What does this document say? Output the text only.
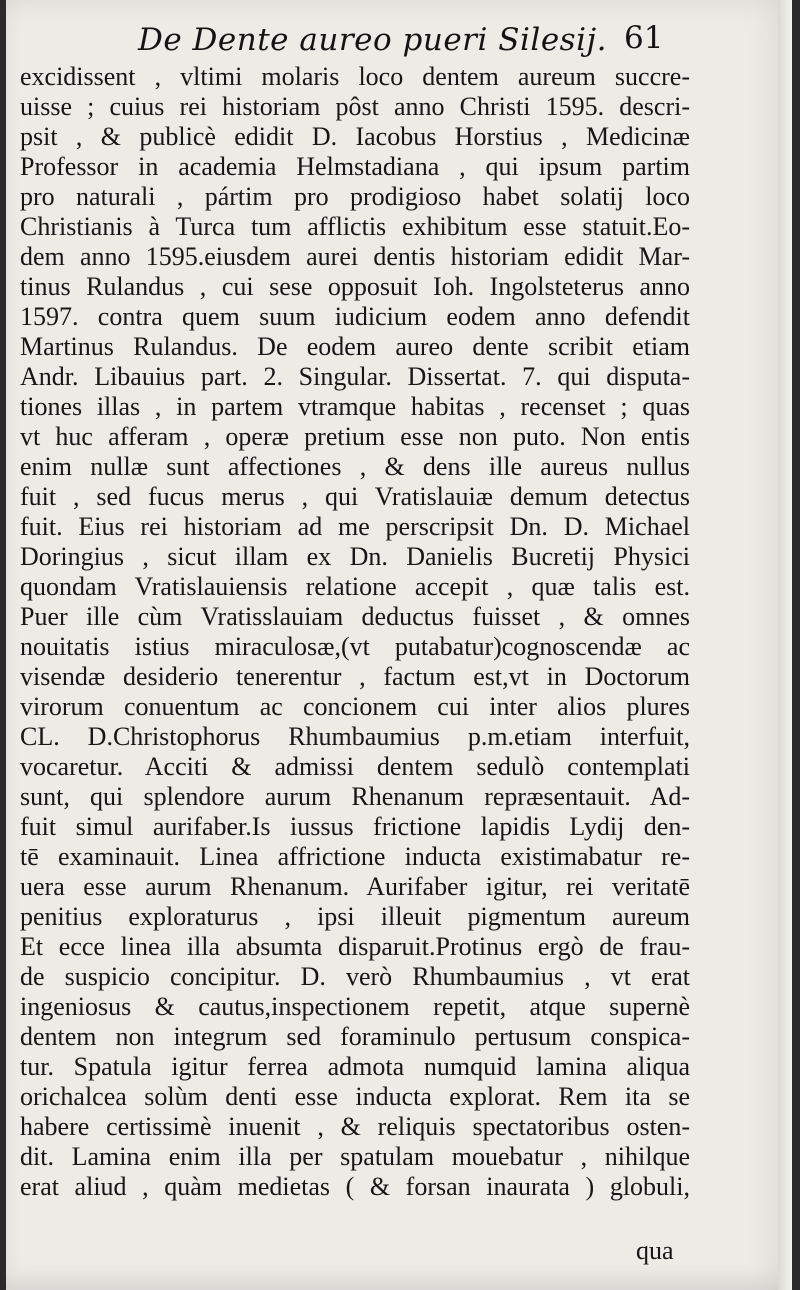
De Dente aureo pueri Silesij. 61
excidissent , vltimi molaris loco dentem aureum succre-
uisse ; cuius rei historiam pôst anno Christi 1595. descri-
psit , & publicè edidit D. Iacobus Horstius , Medicinæ
Professor in academia Helmstadiana , qui ipsum partim
pro naturali , pártim pro prodigioso habet solatij loco
Christianis à Turca tum afflictis exhibitum esse statuit.Eo-
dem anno 1595.eiusdem aurei dentis historiam edidit Mar-
tinus Rulandus , cui sese opposuit Ioh. Ingolsteterus anno
1597. contra quem suum iudicium eodem anno defendit
Martinus Rulandus. De eodem aureo dente scribit etiam
Andr. Libauius part. 2. Singular. Dissertat. 7. qui disputa-
tiones illas , in partem vtramque habitas , recenset ; quas
vt huc afferam , operæ pretium esse non puto. Non entis
enim nullæ sunt affectiones , & dens ille aureus nullus
fuit , sed fucus merus , qui Vratislauiæ demum detectus
fuit. Eius rei historiam ad me perscripsit Dn. D. Michael
Doringius , sicut illam ex Dn. Danielis Bucretij Physici
quondam Vratislauiensis relatione accepit , quæ talis est.
Puer ille cùm Vratisslauiam deductus fuisset , & omnes
nouitatis istius miraculosæ,(vt putabatur)cognoscendæ ac
visendæ desiderio tenerentur , factum est,vt in Doctorum
virorum conuentum ac concionem cui inter alios plures
CL. D.Christophorus Rhumbaumius p.m.etiam interfuit,
vocaretur. Acciti & admissi dentem sedulò contemplati
sunt, qui splendore aurum Rhenanum repræsentauit. Ad-
fuit simul aurifaber.Is iussus frictione lapidis Lydij den-
tē examinauit. Linea affrictione inducta existimabatur re-
uera esse aurum Rhenanum. Aurifaber igitur, rei veritatē
penitius exploraturus , ipsi illeuit pigmentum aureum
Et ecce linea illa absumta disparuit.Protinus ergò de frau-
de suspicio concipitur. D. verò Rhumbaumius , vt erat
ingeniosus & cautus,inspectionem repetit, atque supernè
dentem non integrum sed foraminulo pertusum conspica-
tur. Spatula igitur ferrea admota numquid lamina aliqua
orichalcea solùm denti esse inducta explorat. Rem ita se
habere certissimè inuenit , & reliquis spectatoribus osten-
dit. Lamina enim illa per spatulam mouebatur , nihilque
erat aliud , quàm medietas ( & forsan inaurata ) globuli,
qua
